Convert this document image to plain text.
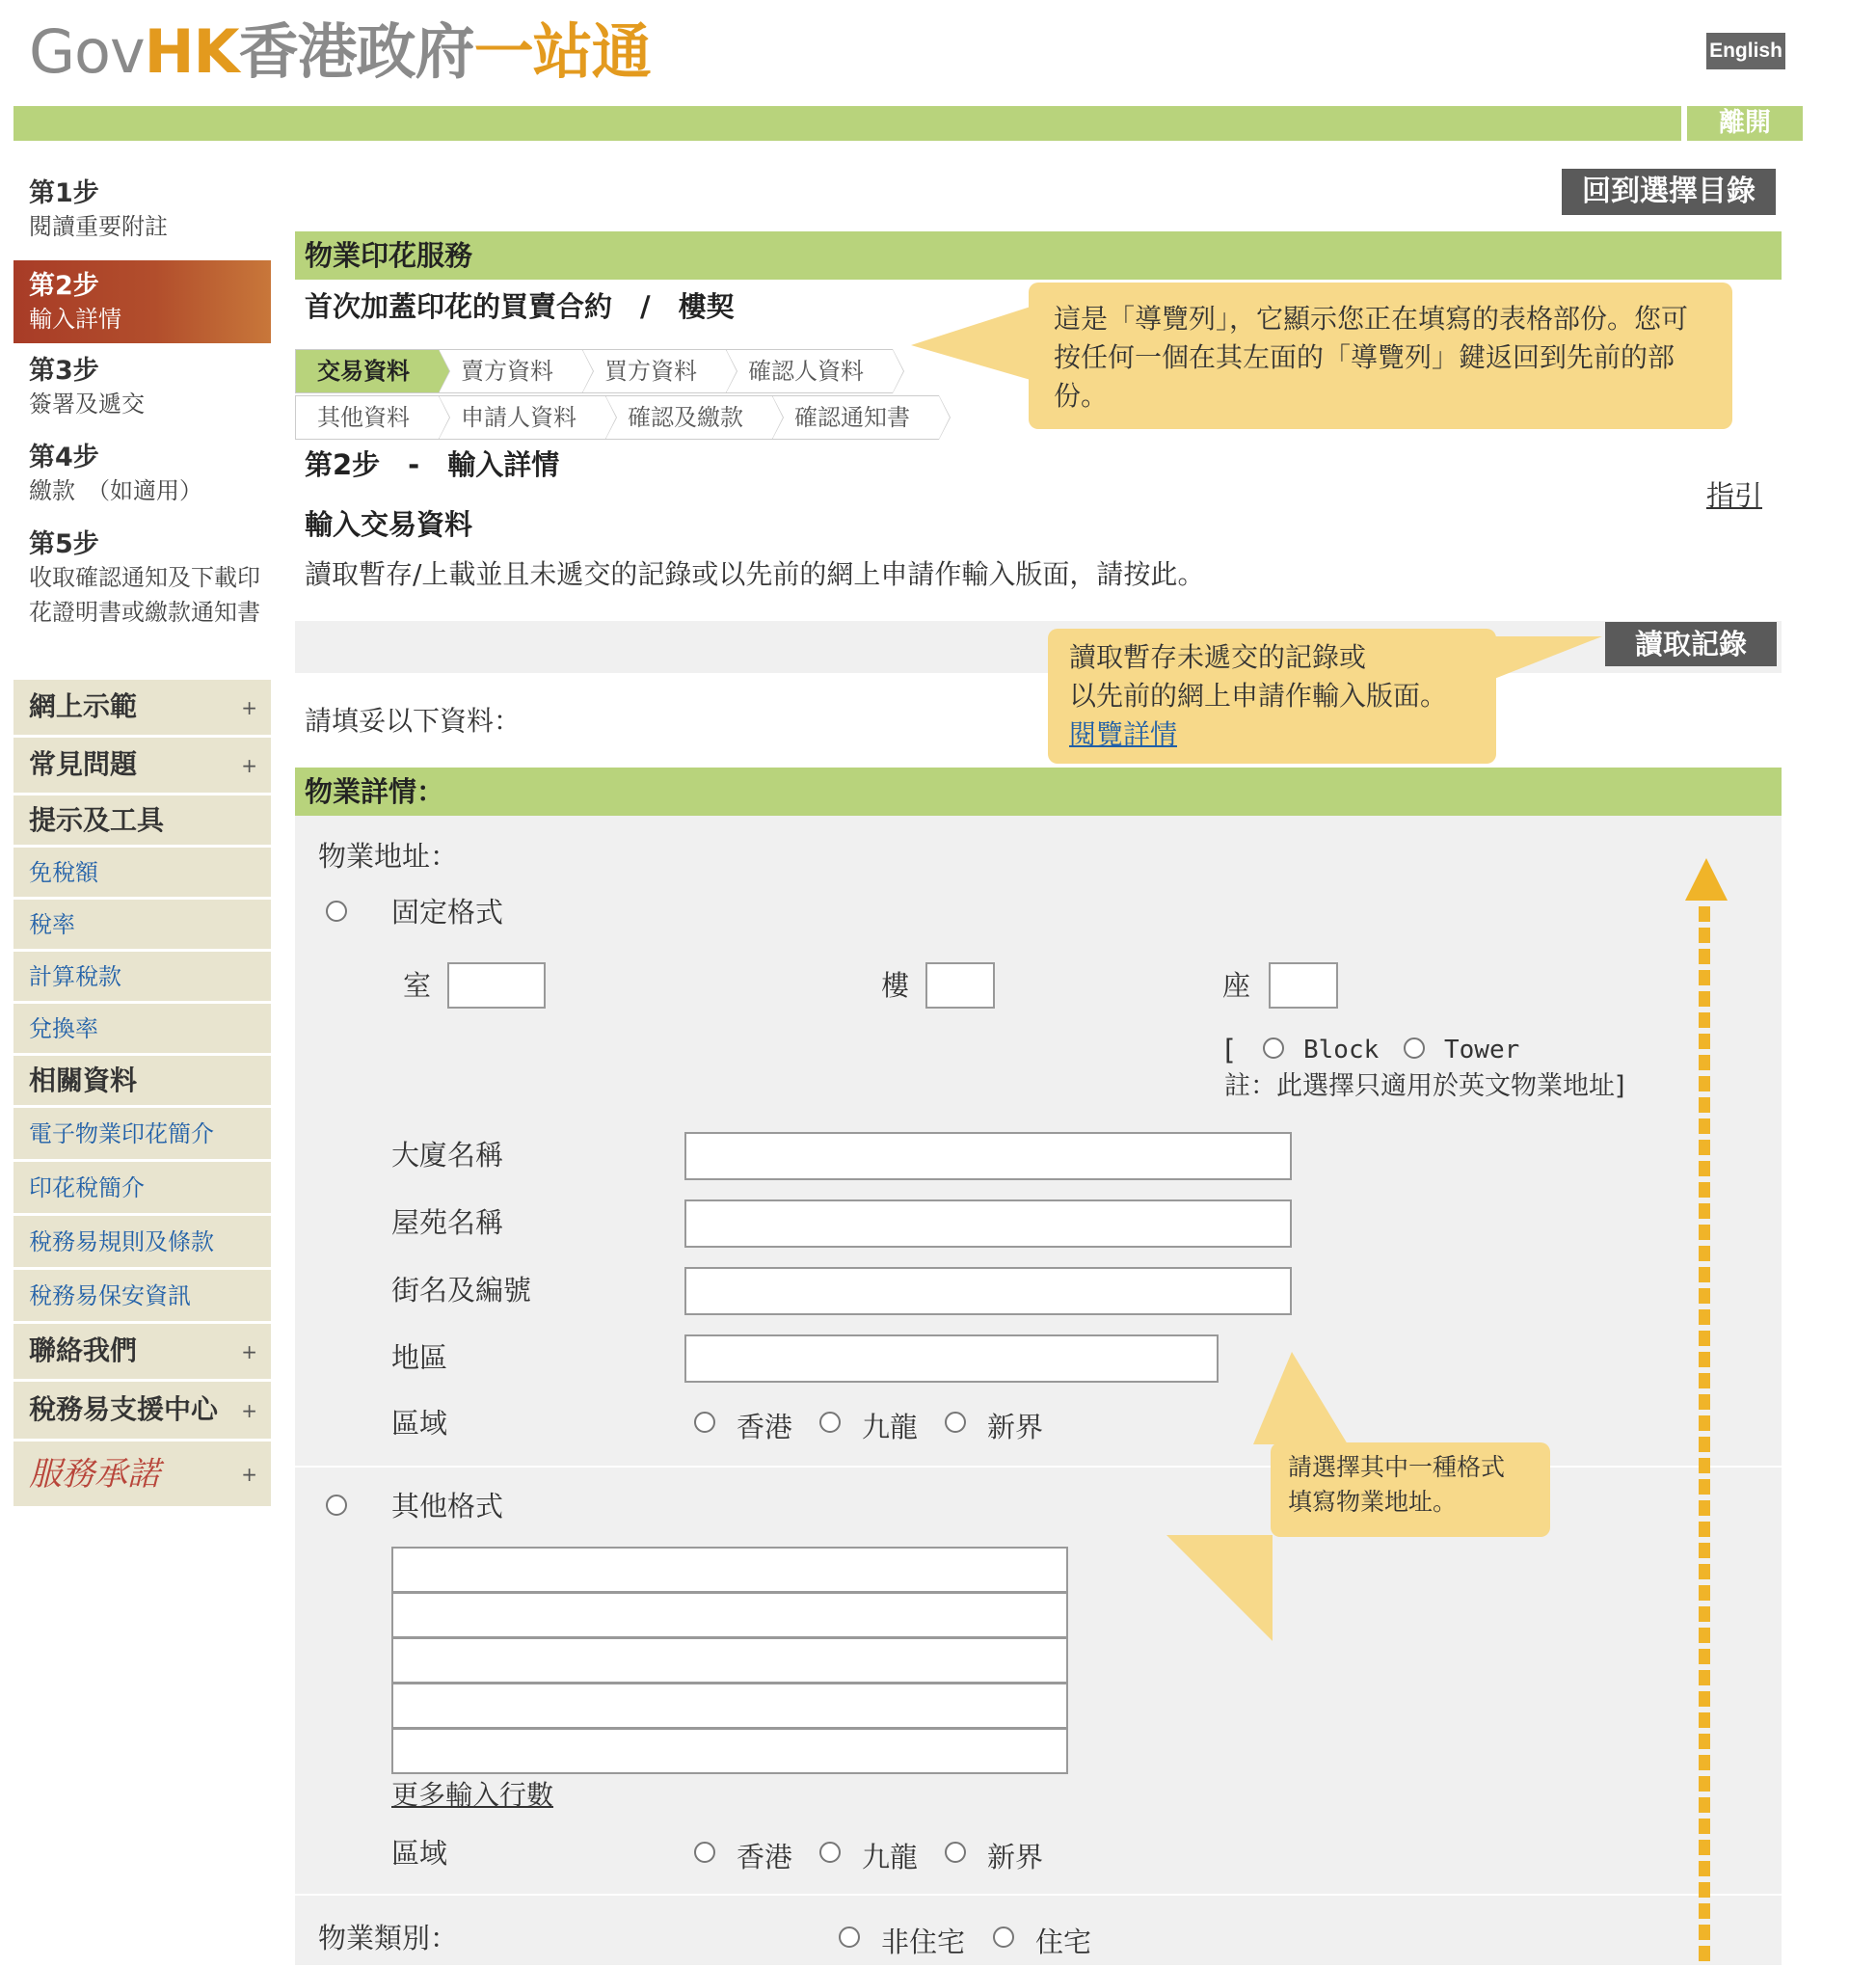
GovHK香港政府一站通	English
離開
第1步
閱讀重要附註
第2步
輸入詳情
第3步
簽署及遞交
第4步
繳款　（如適用）
第5步
收取確認通知及下載印花證明書或繳款通知書
網上示範	+
常見問題	+
提示及工具
免稅額
稅率
計算稅款
兌換率
相關資料
電子物業印花簡介
印花稅簡介
稅務易規則及條款
稅務易保安資訊
聯絡我們	+
稅務易支援中心	+
服務承諾	+
回到選擇目錄
物業印花服務
首次加蓋印花的買賣合約　/　樓契
交易資料	賣方資料	買方資料	確認人資料
其他資料	申請人資料	確認及繳款	確認通知書
這是「導覽列」，它顯示您正在填寫的表格部份。您可按任何一個在其左面的「導覽列」鍵返回到先前的部份。
第2步　-　輸入詳情
指引
輸入交易資料
讀取暫存/上載並且未遞交的記錄或以先前的網上申請作輸入版面，請按此。
讀取記錄
請填妥以下資料：
讀取暫存未遞交的記錄或
以先前的網上申請作輸入版面。
閱覽詳情
物業詳情：
物業地址：
固定格式
室	樓	座
[	Block	Tower
註：此選擇只適用於英文物業地址]
大廈名稱
屋苑名稱
街名及編號
地區
區域	香港 九龍 新界
其他格式
更多輸入行數
區域	香港 九龍 新界
物業類別：	非住宅	住宅
請選擇其中一種格式
填寫物業地址。
